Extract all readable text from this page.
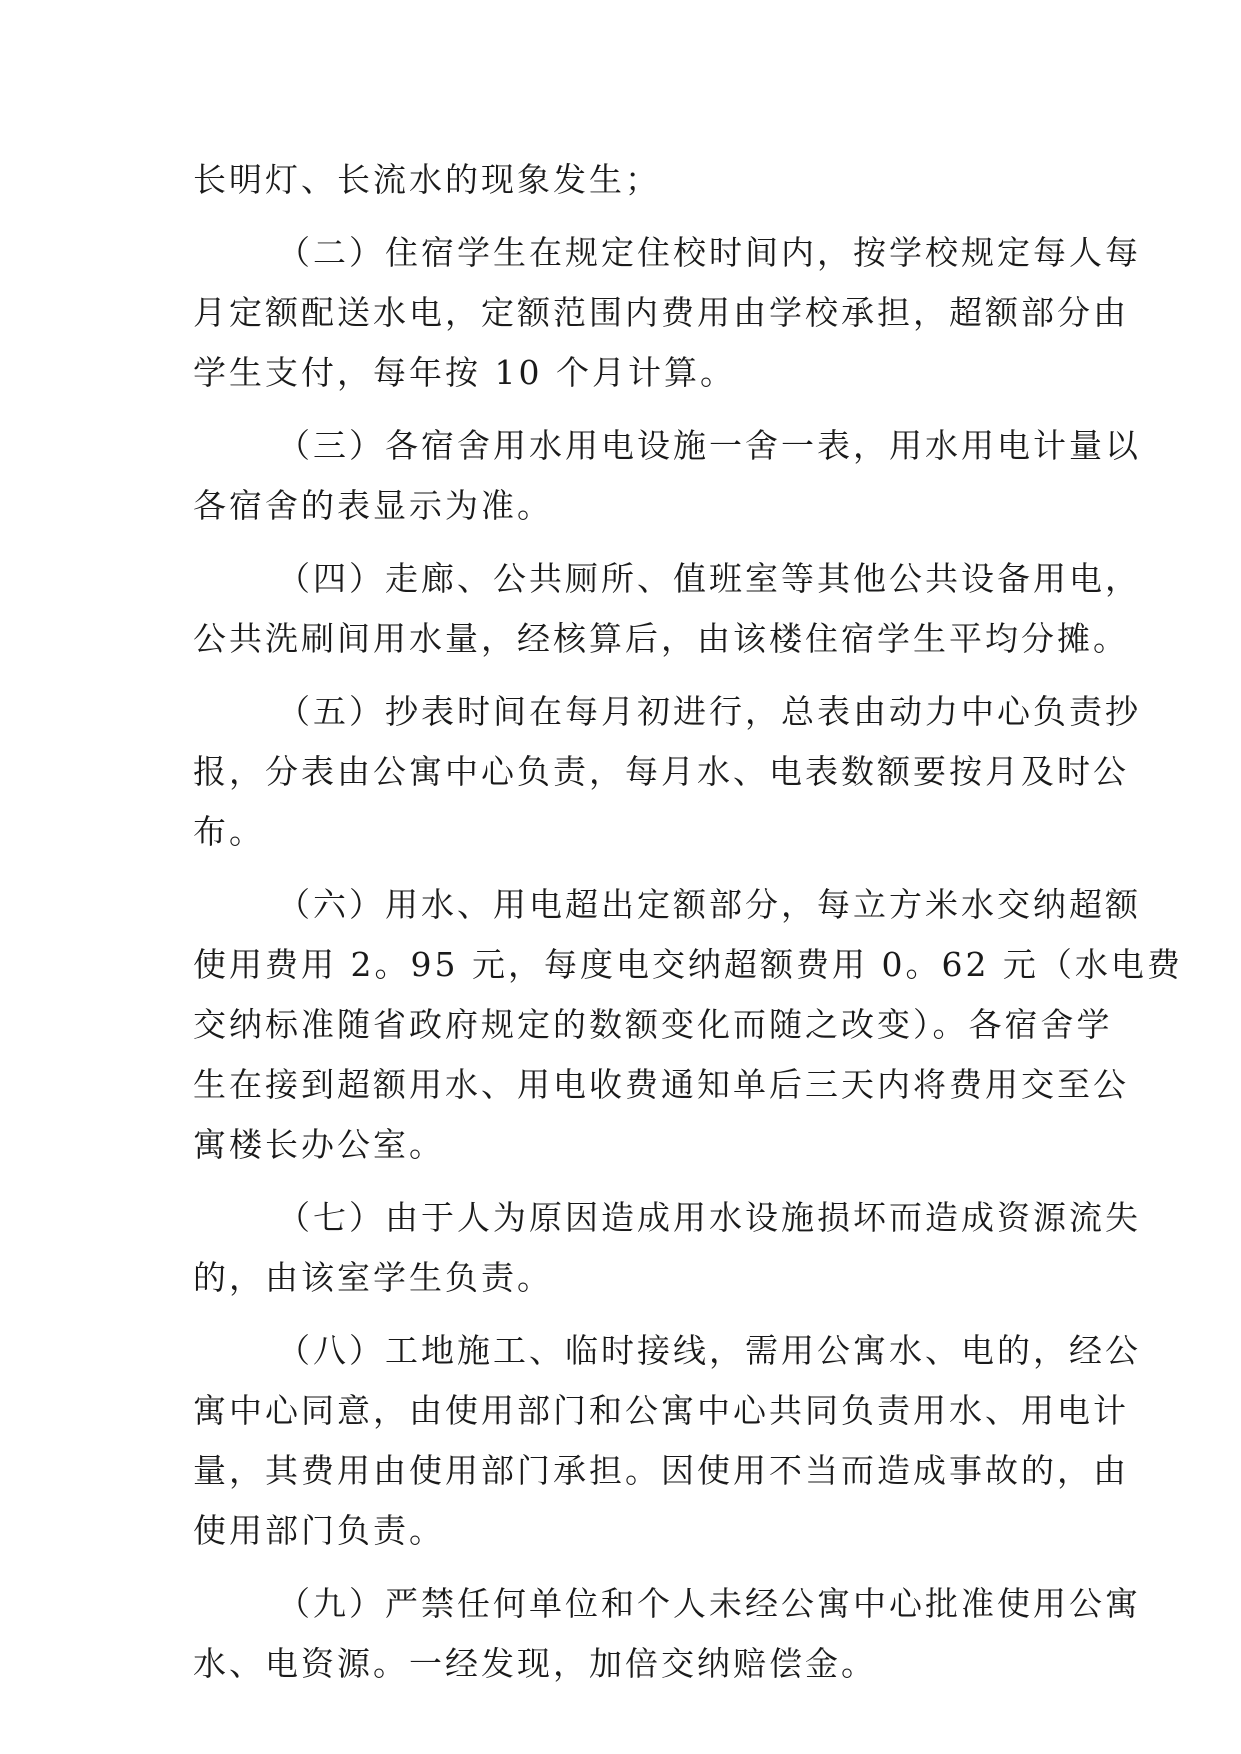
长明灯、长流水的现象发生；
（二）住宿学生在规定住校时间内，按学校规定每人每
月定额配送水电，定额范围内费用由学校承担，超额部分由
学生支付，每年按 10 个月计算。
（三）各宿舍用水用电设施一舍一表，用水用电计量以
各宿舍的表显示为准。
（四）走廊、公共厕所、值班室等其他公共设备用电，
公共洗刷间用水量，经核算后，由该楼住宿学生平均分摊。
（五）抄表时间在每月初进行，总表由动力中心负责抄
报，分表由公寓中心负责，每月水、电表数额要按月及时公
布。
（六）用水、用电超出定额部分，每立方米水交纳超额
使用费用 2。95 元，每度电交纳超额费用 0。62 元（水电费
交纳标准随省政府规定的数额变化而随之改变）。各宿舍学
生在接到超额用水、用电收费通知单后三天内将费用交至公
寓楼长办公室。
（七）由于人为原因造成用水设施损坏而造成资源流失
的，由该室学生负责。
（八）工地施工、临时接线，需用公寓水、电的，经公
寓中心同意，由使用部门和公寓中心共同负责用水、用电计
量，其费用由使用部门承担。因使用不当而造成事故的，由
使用部门负责。
（九）严禁任何单位和个人未经公寓中心批准使用公寓
水、电资源。一经发现，加倍交纳赔偿金。
